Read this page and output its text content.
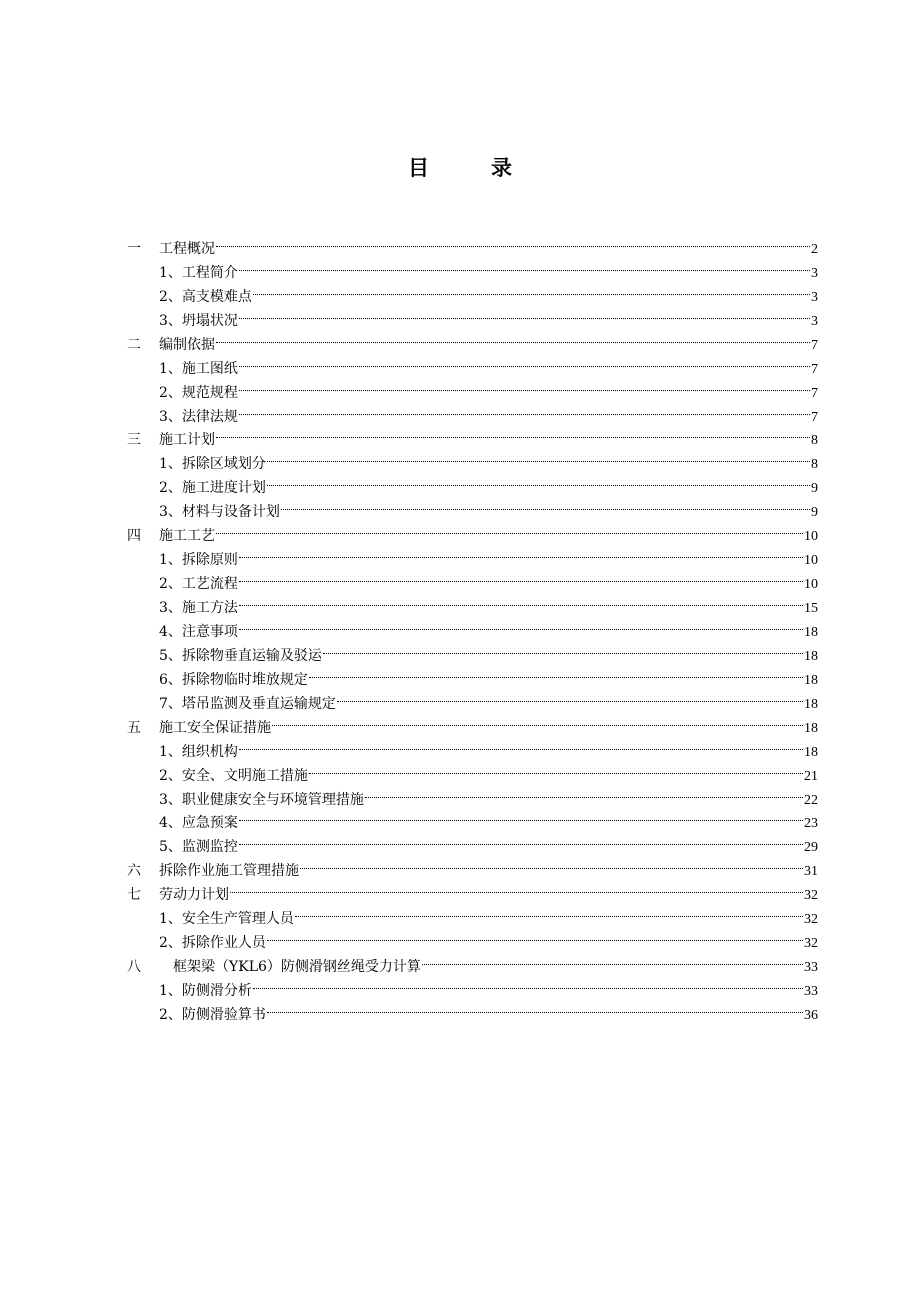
目	录
一	工程概况	2
1、 工程简介	3
2、 高支模难点	3
3、 坍塌状况	3
二	编制依据	7
1、 施工图纸	7
2、 规范规程	7
3、 法律法规	7
三	施工计划	8
1、 拆除区域划分	8
2、 施工进度计划	9
3、 材料与设备计划	9
四	施工工艺	10
1、 拆除原则	10
2、 工艺流程	10
3、 施工方法	15
4、 注意事项	18
5、 拆除物垂直运输及驳运	18
6、 拆除物临时堆放规定	18
7、 塔吊监测及垂直运输规定	18
五	施工安全保证措施	18
1、 组织机构	18
2、 安全、文明施工措施	21
3、 职业健康安全与环境管理措施	22
4、 应急预案	23
5、 监测监控	29
六	拆除作业施工管理措施	31
七	劳动力计划	32
1、 安全生产管理人员	32
2、 拆除作业人员	32
八	　框架梁（YKL6）防侧滑钢丝绳受力计算	33
1、 防侧滑分析	33
2、 防侧滑验算书	36
